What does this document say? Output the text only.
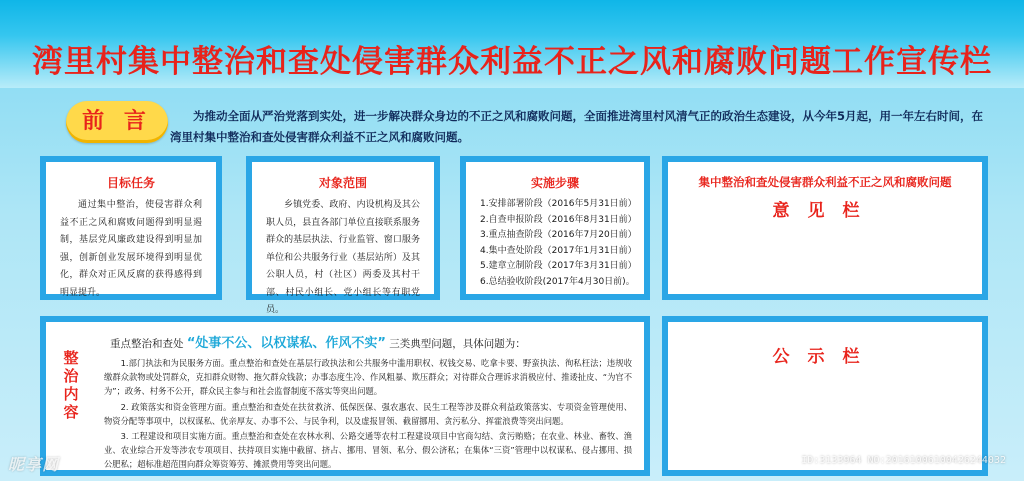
湾里村集中整治和查处侵害群众利益不正之风和腐败问题工作宣传栏
前 言	为推动全面从严治党落到实处，进一步解决群众身边的不正之风和腐败问题，全面推进湾里村风清气正的政治生态建设，从今年5月起，用一年左右时间，在湾里村集中整治和查处侵害群众利益不正之风和腐败问题。
目标任务
通过集中整治，使侵害群众利益不正之风和腐败问题得到明显遏制，基层党风廉政建设得到明显加强，创新创业发展环境得到明显优化，群众对正风反腐的获得感得到明显提升。
对象范围
乡镇党委、政府、内设机构及其公职人员，县直各部门单位直接联系服务群众的基层执法、行业监管、窗口服务单位和公共服务行业（基层站所）及其公职人员，村（社区）两委及其村干部、村民小组长、党小组长等有职党员。
实施步骤
1.安排部署阶段（2016年5月31日前）
2.自查申报阶段（2016年8月31日前）
3.重点抽查阶段（2016年7月20日前）
4.集中查处阶段（2017年1月31日前）
5.建章立制阶段（2017年3月31日前）
6.总结验收阶段(2017年4月30日前)。
集中整治和查处侵害群众利益不正之风和腐败问题
意见栏
整治内容
重点整治和查处 “处事不公、以权谋私、作风不实” 三类典型问题，具体问题为：

1.部门执法和为民服务方面。重点整治和查处在基层行政执法和公共服务中滥用职权、权钱交易、吃拿卡要、野蛮执法、徇私枉法；违规收缴群众款物或处罚群众，克扣群众财物、拖欠群众钱款；办事态度生冷、作风粗暴、欺压群众；对待群众合理诉求消极应付、推诿扯皮、“为官不为”；政务、村务不公开，群众民主参与和社会监督制度不落实等突出问题。

2. 政策落实和资金管理方面。重点整治和查处在扶贫救济、低保医保、强农惠农、民生工程等涉及群众利益政策落实、专项资金管理使用、物资分配等事项中，以权谋私、优亲厚友、办事不公、与民争利，以及虚报冒领、截留挪用、贪污私分、挥霍浪费等突出问题。

3. 工程建设和项目实施方面。重点整治和查处在农林水利、公路交通等农村工程建设项目中官商勾结、贪污贿赂；在农业、林业、畜牧、渔业、农业综合开发等涉农专项项目、扶持项目实施中截留、挤占、挪用、冒领、私分、假公济私；在集体“三资”管理中以权谋私、侵占挪用、损公肥私；超标准超范围向群众筹资筹劳、摊派费用等突出问题。

公示栏
昵享网	ID:3133964 NO:20161006100426244032
